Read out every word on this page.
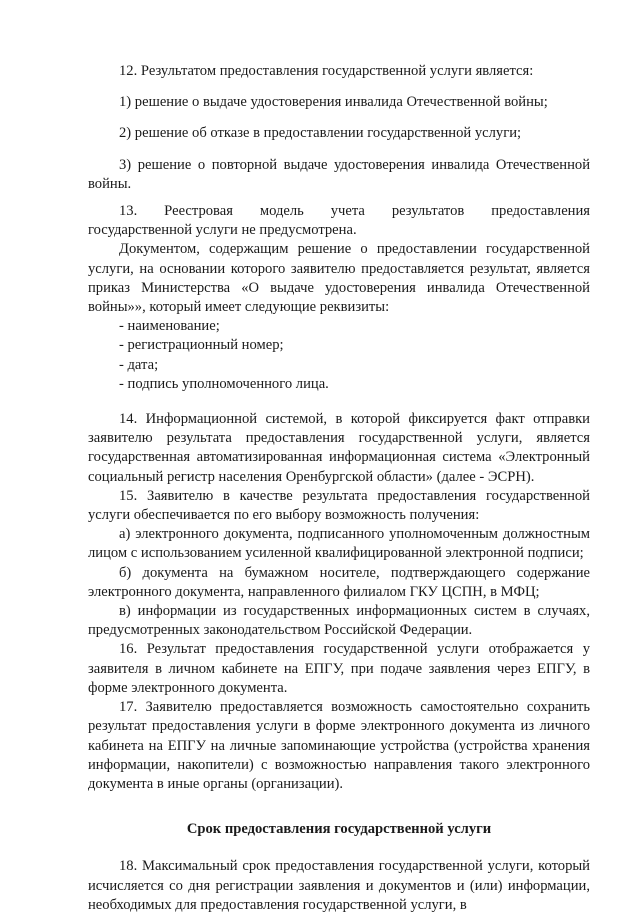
12. Результатом предоставления государственной услуги является:

1) решение о выдаче удостоверения инвалида Отечественной войны;

2) решение об отказе в предоставлении государственной услуги;

3) решение о повторной выдаче удостоверения инвалида Отечественной войны.

13. Реестровая модель учета результатов предоставления

государственной услуги не предусмотрена.

Документом, содержащим решение о предоставлении государственной услуги, на основании которого заявителю предоставляется результат, является приказ Министерства «О выдаче удостоверения инвалида Отечественной войны»», который имеет следующие реквизиты:

- наименование;

- регистрационный номер;

- дата;

- подпись уполномоченного лица.

14. Информационной системой, в которой фиксируется факт отправки заявителю результата предоставления государственной услуги, является государственная автоматизированная информационная система «Электронный социальный регистр населения Оренбургской области» (далее - ЭСРН).

15. Заявителю в качестве результата предоставления государственной услуги обеспечивается по его выбору возможность получения:

а) электронного документа, подписанного уполномоченным должностным лицом с использованием усиленной квалифицированной электронной подписи;

б) документа на бумажном носителе, подтверждающего содержание электронного документа, направленного филиалом ГКУ ЦСПН, в МФЦ;

в) информации из государственных информационных систем в случаях, предусмотренных законодательством Российской Федерации.

16. Результат предоставления государственной услуги отображается у заявителя в личном кабинете на ЕПГУ, при подаче заявления через ЕПГУ, в форме электронного документа.

17. Заявителю предоставляется возможность самостоятельно сохранить результат предоставления услуги в форме электронного документа из личного кабинета на ЕПГУ на личные запоминающие устройства (устройства хранения информации, накопители) с возможностью направления такого электронного документа в иные органы (организации).

Срок предоставления государственной услуги

18. Максимальный срок предоставления государственной услуги, который исчисляется со дня регистрации заявления и документов и (или) информации, необходимых для предоставления государственной услуги, в
